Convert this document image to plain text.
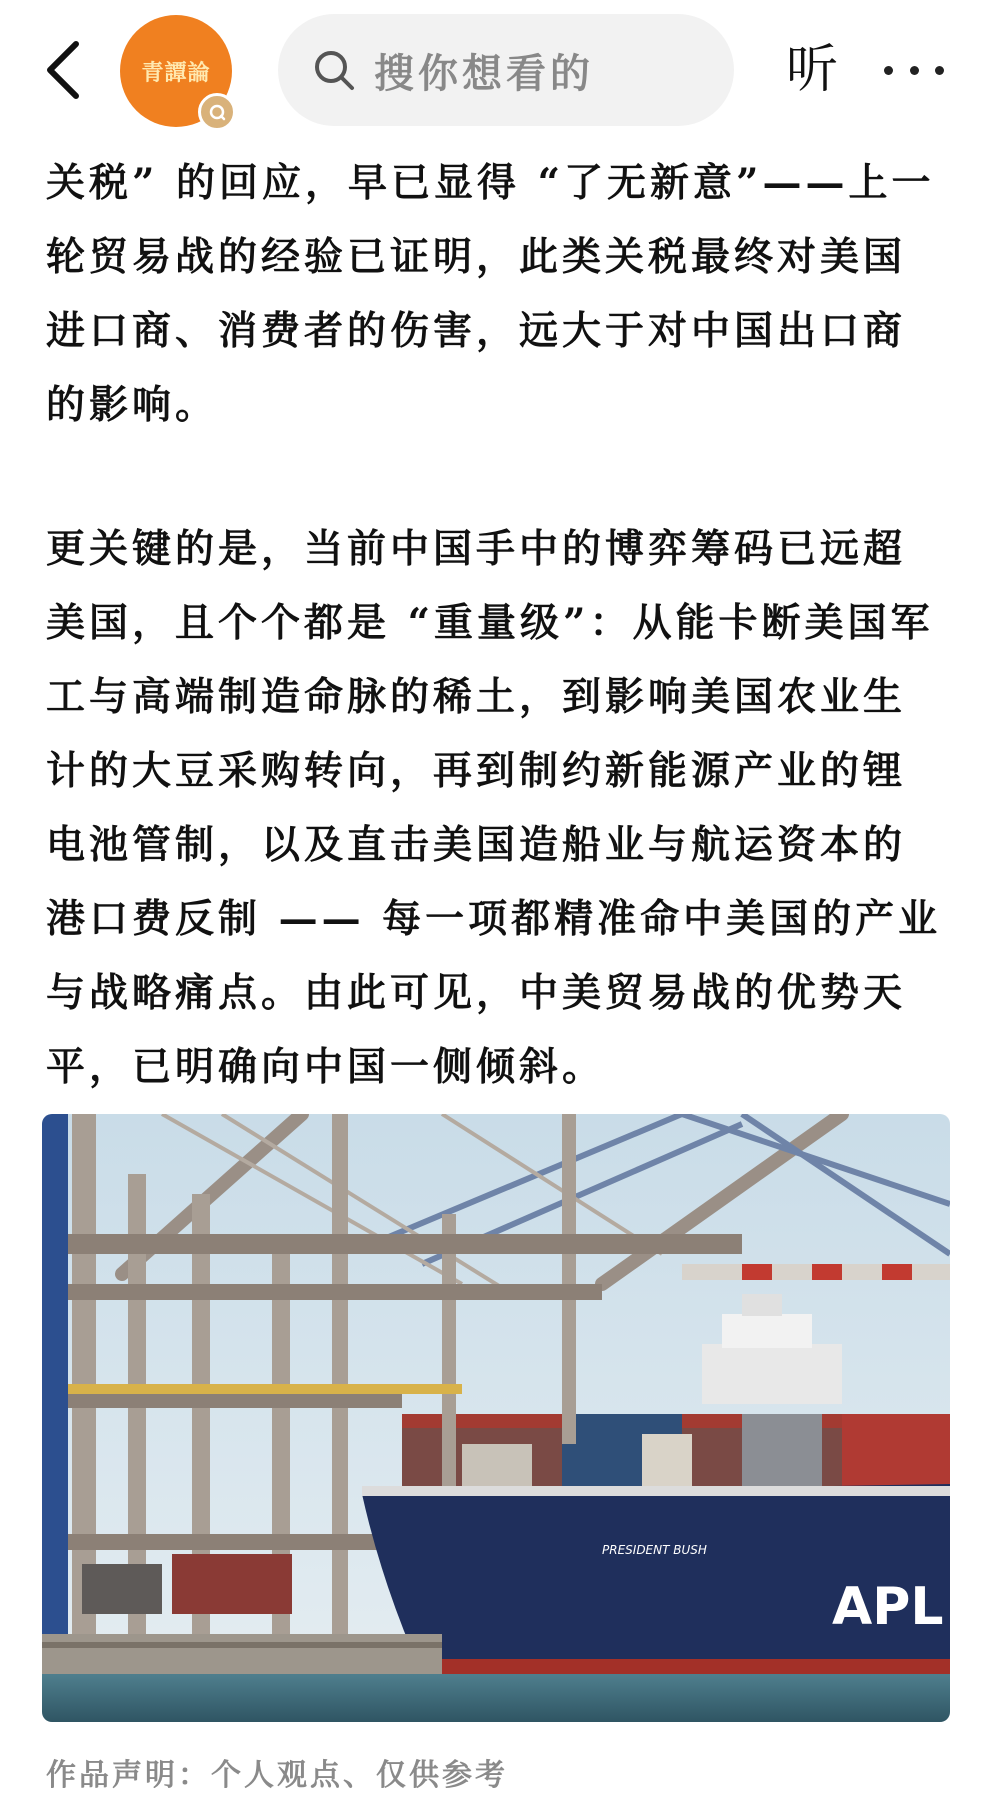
青譚論	搜你想看的	听

关税” 的回应，早已显得 “了无新意”——上一轮贸易战的经验已证明，此类关税最终对美国进口商、消费者的伤害，远大于对中国出口商的影响。

更关键的是，当前中国手中的博弈筹码已远超美国，且个个都是 “重量级”：从能卡断美国军工与高端制造命脉的稀土，到影响美国农业生计的大豆采购转向，再到制约新能源产业的锂电池管制，以及直击美国造船业与航运资本的港口费反制 —— 每一项都精准命中美国的产业与战略痛点。由此可见，中美贸易战的优势天平，已明确向中国一侧倾斜。

PRESIDENT BUSH
APL
作品声明：个人观点、仅供参考
